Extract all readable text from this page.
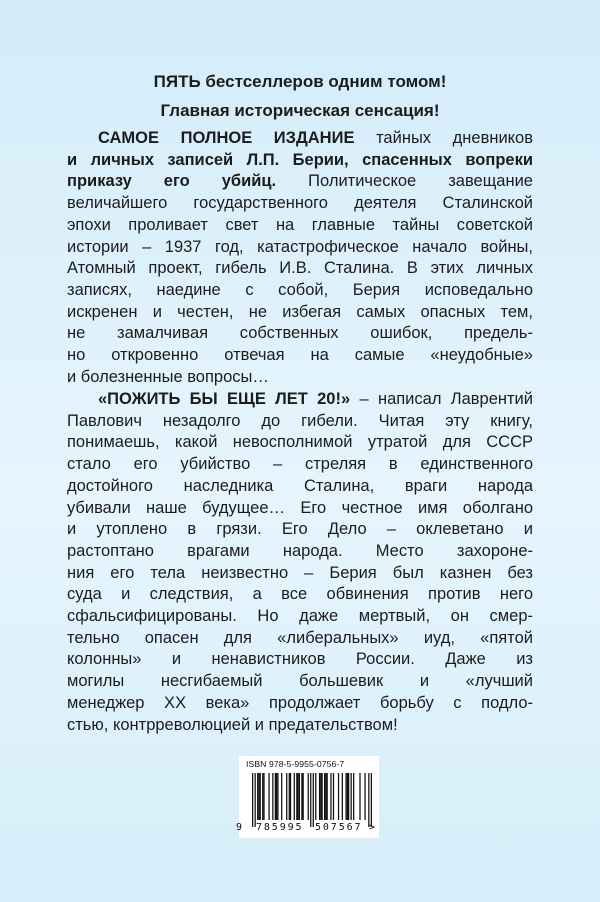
ПЯТЬ бестселлеров одним томом!
Главная историческая сенсация!
САМОЕ ПОЛНОЕ ИЗДАНИЕ тайных дневников
и личных записей Л.П. Берии, спасенных вопреки
приказу его убийц. Политическое завещание
величайшего государственного деятеля Сталинской
эпохи проливает свет на главные тайны советской
истории – 1937 год, катастрофическое начало войны,
Атомный проект, гибель И.В. Сталина. В этих личных
записях, наедине с собой, Берия исповедально
искренен и честен, не избегая самых опасных тем,
не замалчивая собственных ошибок, предель-
но откровенно отвечая на самые «неудобные»
и болезненные вопросы…
«ПОЖИТЬ БЫ ЕЩЕ ЛЕТ 20!» – написал Лаврентий
Павлович незадолго до гибели. Читая эту книгу,
понимаешь, какой невосполнимой утратой для СССР
стало его убийство – стреляя в единственного
достойного наследника Сталина, враги народа
убивали наше будущее… Его честное имя оболгано
и утоплено в грязи. Его Дело – оклеветано и
растоптано врагами народа. Место захороне-
ния его тела неизвестно – Берия был казнен без
суда и следствия, а все обвинения против него
сфальсифицированы. Но даже мертвый, он смер-
тельно опасен для «либеральных» иуд, «пятой
колонны» и ненавистников России. Даже из
могилы несгибаемый большевик и «лучший
менеджер XX века» продолжает борьбу с подло-
стью, контрреволюцией и предательством!
ISBN 978-5-9955-0756-7
9 7 8 5 9 9 5 5 0 7 5 6 7 >
